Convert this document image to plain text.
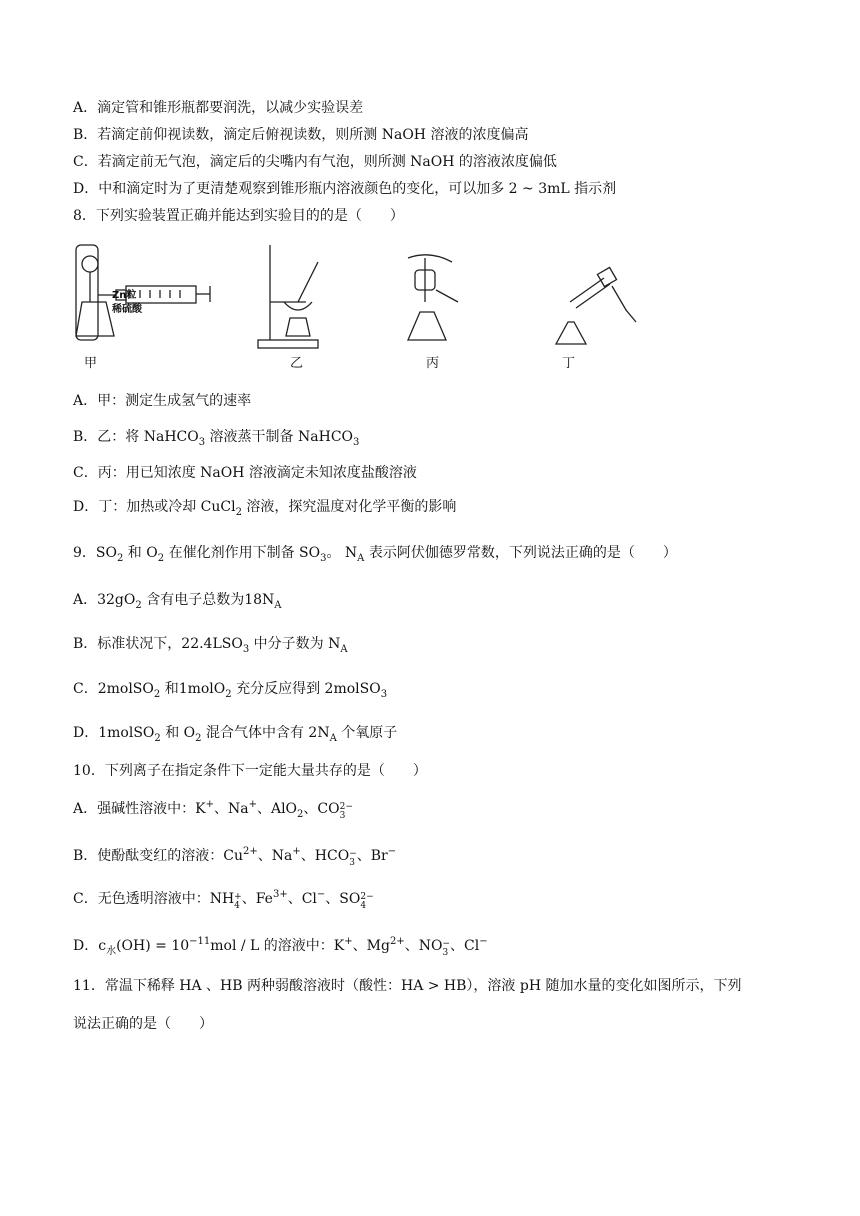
A．滴定管和锥形瓶都要润洗，以减少实验误差
B．若滴定前仰视读数，滴定后俯视读数，则所测 NaOH 溶液的浓度偏高
C．若滴定前无气泡，滴定后的尖嘴内有气泡，则所测 NaOH 的溶液浓度偏低
D．中和滴定时为了更清楚观察到锥形瓶内溶液颜色的变化，可以加多 2 ~ 3mL 指示剂
8．下列实验装置正确并能达到实验目的的是（　　）
Zn粒
稀硫酸
甲	乙	丙	丁
A．甲：测定生成氢气的速率
B．乙：将 NaHCO$_3$ 溶液蒸干制备 NaHCO$_3$
C．丙：用已知浓度 NaOH 溶液滴定未知浓度盐酸溶液
D．丁：加热或冷却 CuCl$_2$ 溶液，探究温度对化学平衡的影响
9．$SO_2$ 和 $O_2$ 在催化剂作用下制备 $SO_3$。 $N_A$ 表示阿伏伽德罗常数，下列说法正确的是（　　）
A．$32gO_2$ 含有电子总数为$18N_A$
B．标准状况下，$22.4LSO_3$ 中分子数为 $N_A$
C．2molSO$_2$ 和1molO$_2$ 充分反应得到 2molSO$_3$
D．1molSO$_2$ 和 $O_2$ 混合气体中含有 $2N_A$ 个氧原子
10．下列离子在指定条件下一定能大量共存的是（　　）
A．强碱性溶液中：K+、Na+、AlO$_2$、CO 2−
3
B．使酚酞变红的溶液：$Cu^{2+}$、Na+、HCO −
3 、Br−
C．无色透明溶液中：NH +
4 、$Fe^{3+}$、Cl−、SO 2−
4
D．$c_水(OH) = 10^{-11}mol / L$ 的溶液中：K+、$Mg^{2+}$、NO −
3 、Cl−
11．常温下稀释 HA 、HB 两种弱酸溶液时（酸性：HA > HB），溶液 pH 随加水量的变化如图所示，下列
说法正确的是（　　）
